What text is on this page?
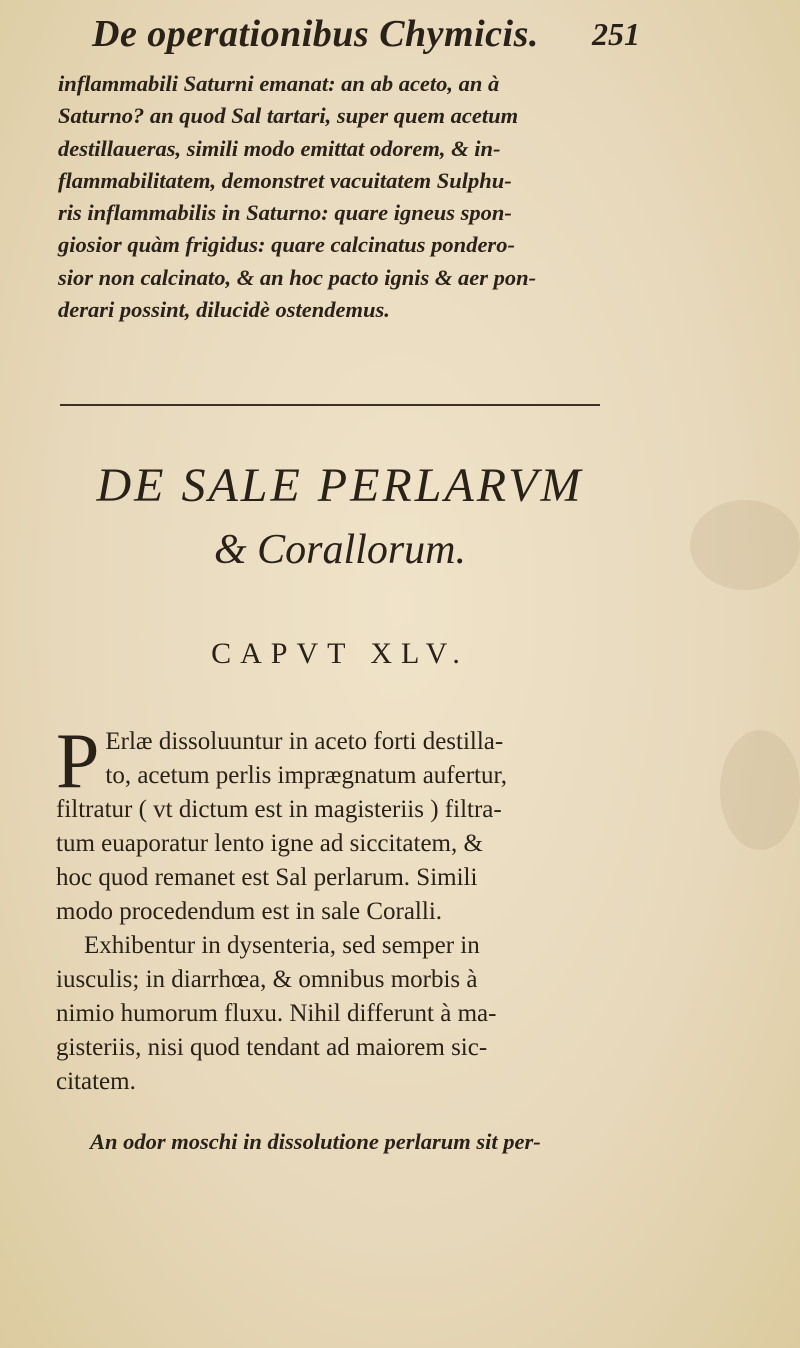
De operationibus Chymicis. 251
inflammabili Saturni emanat: an ab aceto, an à
Saturno? an quod Sal tartari, super quem acetum
destillaueras, simili modo emittat odorem, & in-
flammabilitatem, demonstret vacuitatem Sulphu-
ris inflammabilis in Saturno: quare igneus spon-
giosior quàm frigidus: quare calcinatus pondero-
sior non calcinato, & an hoc pacto ignis & aer pon-
derari possint, dilucidè ostendemus.
DE SALE PERLARVM
& Corallorum.
CAPVT XLV.
P Erlæ dissoluuntur in aceto forti destilla-
to, acetum perlis imprægnatum aufertur,
filtratur ( vt dictum est in magisteriis ) filtra-
tum euaporatur lento igne ad siccitatem, &
hoc quod remanet est Sal perlarum. Simili
modo procedendum est in sale Coralli.
Exhibentur in dysenteria, sed semper in
iusculis; in diarrhœa, & omnibus morbis à
nimio humorum fluxu. Nihil differunt à ma-
gisteriis, nisi quod tendant ad maiorem sic-
citatem.
An odor moschi in dissolutione perlarum sit per-
